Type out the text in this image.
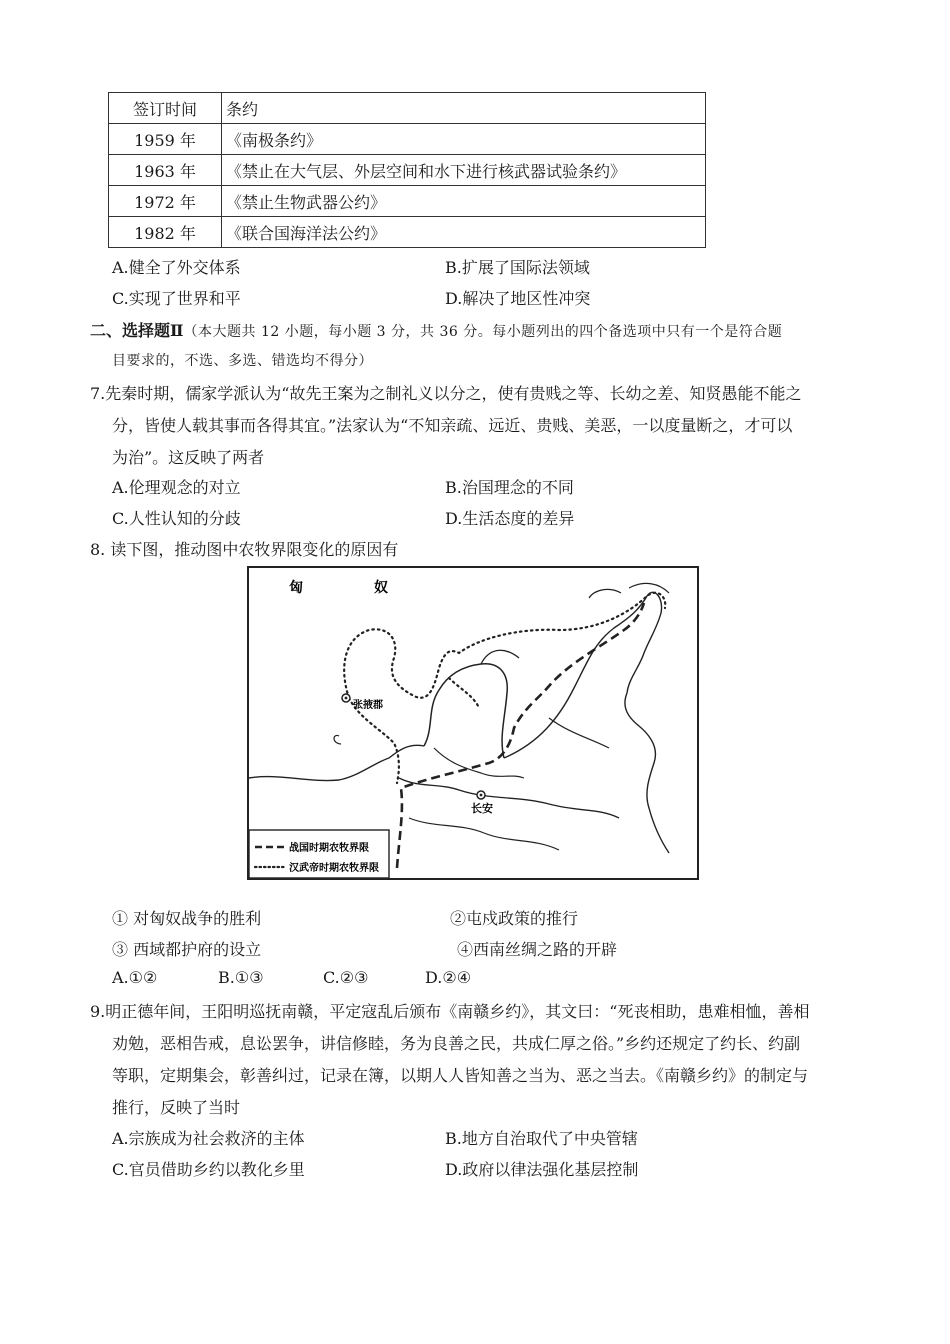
签订时间	条约
1959 年	《南极条约》
1963 年	《禁止在大气层、外层空间和水下进行核武器试验条约》
1972 年	《禁止生物武器公约》
1982 年	《联合国海洋法公约》
A.健全了外交体系	B.扩展了国际法领域
C.实现了世界和平	D.解决了地区性冲突
二、选择题Ⅱ（本大题共 12 小题，每小题 3 分，共 36 分。每小题列出的四个备选项中只有一个是符合题
目要求的，不选、多选、错选均不得分）
7.先秦时期，儒家学派认为“故先王案为之制礼义以分之，使有贵贱之等、长幼之差、知贤愚能不能之
分，皆使人载其事而各得其宜。”法家认为“不知亲疏、远近、贵贱、美恶，一以度量断之，才可以
为治”。这反映了两者
A.伦理观念的对立	B.治国理念的不同
C.人性认知的分歧	D.生活态度的差异
8. 读下图，推动图中农牧界限变化的原因有
匈	奴
张掖郡
长安
战国时期农牧界限
汉武帝时期农牧界限
① 对匈奴战争的胜利	②屯戍政策的推行
③ 西域都护府的设立	④西南丝绸之路的开辟
A.①②	B.①③	C.②③	D.②④
9.明正德年间，王阳明巡抚南赣，平定寇乱后颁布《南赣乡约》，其文曰：“死丧相助，患难相恤，善相
劝勉，恶相告戒，息讼罢争，讲信修睦，务为良善之民，共成仁厚之俗。”乡约还规定了约长、约副
等职，定期集会，彰善纠过，记录在簿，以期人人皆知善之当为、恶之当去。《南赣乡约》的制定与
推行，反映了当时
A.宗族成为社会救济的主体	B.地方自治取代了中央管辖
C.官员借助乡约以教化乡里	D.政府以律法强化基层控制
